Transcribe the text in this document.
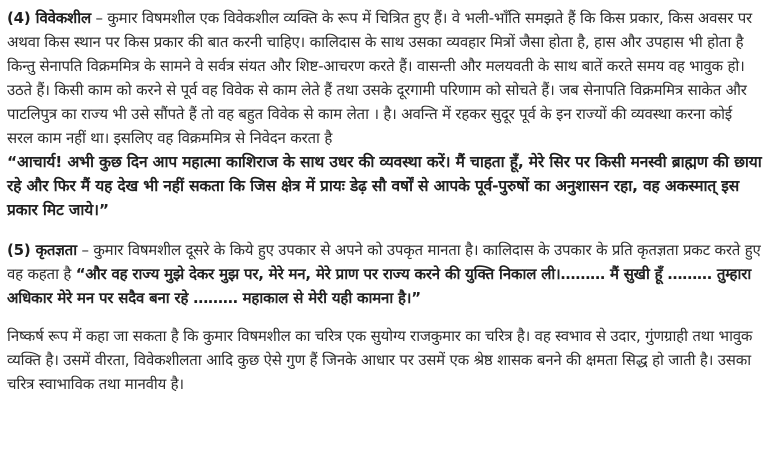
(4) विवेकशील – कुमार विषमशील एक विवेकशील व्यक्ति के रूप में चित्रित हुए हैं। वे भली-भाँति समझते हैं कि किस प्रकार, किस अवसर पर अथवा किस स्थान पर किस प्रकार की बात करनी चाहिए। कालिदास के साथ उसका व्यवहार मित्रों जैसा होता है, हास और उपहास भी होता है किन्तु सेनापति विक्रममित्र के सामने वे सर्वत्र संयत और शिष्ट-आचरण करते हैं। वासन्ती और मलयवती के साथ बातें करते समय वह भावुक हो। उठते हैं। किसी काम को करने से पूर्व वह विवेक से काम लेते हैं तथा उसके दूरगामी परिणाम को सोचते हैं। जब सेनापति विक्रममित्र साकेत और पाटलिपुत्र का राज्य भी उसे सौंपते हैं तो वह बहुत विवेक से काम लेता । है। अवन्ति में रहकर सुदूर पूर्व के इन राज्यों की व्यवस्था करना कोई सरल काम नहीं था। इसलिए वह विक्रममित्र से निवेदन करता है

“आचार्य! अभी कुछ दिन आप महात्मा काशिराज के साथ उधर की व्यवस्था करें। मैं चाहता हूँ, मेरे सिर पर किसी मनस्वी ब्राह्मण की छाया रहे और फिर मैं यह देख भी नहीं सकता कि जिस क्षेत्र में प्रायः डेढ़ सौ वर्षों से आपके पूर्व-पुरुषों का अनुशासन रहा, वह अकस्मात् इस प्रकार मिट जाये।”

(5) कृतज्ञता – कुमार विषमशील दूसरे के किये हुए उपकार से अपने को उपकृत मानता है। कालिदास के उपकार के प्रति कृतज्ञता प्रकट करते हुए वह कहता है “और वह राज्य मुझे देकर मुझ पर, मेरे मन, मेरे प्राण पर राज्य करने की युक्ति निकाल ली।……… मैं सुखी हूँ ……… तुम्हारा अधिकार मेरे मन पर सदैव बना रहे ……… महाकाल से मेरी यही कामना है।”

निष्कर्ष रूप में कहा जा सकता है कि कुमार विषमशील का चरित्र एक सुयोग्य राजकुमार का चरित्र है। वह स्वभाव से उदार, गुंणग्राही तथा भावुक व्यक्ति है। उसमें वीरता, विवेकशीलता आदि कुछ ऐसे गुण हैं जिनके आधार पर उसमें एक श्रेष्ठ शासक बनने की क्षमता सिद्ध हो जाती है। उसका चरित्र स्वाभाविक तथा मानवीय है।
